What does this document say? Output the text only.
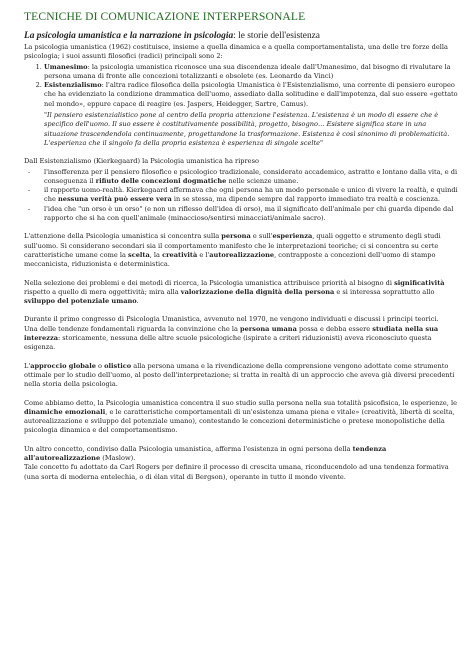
TECNICHE DI COMUNICAZIONE INTERPERSONALE
La psicologia umanistica e la narrazione in psicologia: le storie dell'esistenza

La psicologia umanistica (1962) costituisce, insieme a quella dinamica e a quella comportamentalista, una delle tre forze della psicologia; i suoi assunti filosofici (radici) principali sono 2:

1. Umanesimo: la psicologia umanistica riconosce una sua discendenza ideale dall'Umanesimo, dal bisogno di rivalutare la persona umana di fronte alle concezioni totalizzanti e obsolete (es. Leonardo da Vinci)
2. Esistenzialismo: l'altra radice filosofica della psicologia Umanistica è l'Esistenzialismo, una corrente di pensiero europeo che ha evidenziato la condizione drammatica dell'uomo, assediato dalla solitudine e dall'impotenza, dal suo essere «gettato nel mondo», eppure capace di reagire (es. Jaspers, Heidegger, Sartre, Camus).

"Il pensiero esistenzialistico pone al centro della propria attenzione l'esistenza. L'esistenza è un modo di essere che è specifico dell'uomo. Il suo essere è costitutivamente possibilità, progetto, bisogno… Esistere significa stare in una situazione trascendendola continuamente, progettandone la trasformazione. Esistenza è così sinonimo di problematicità. L'esperienza che il singolo fa della propria esistenza è esperienza di singole scelte"

Dall Esistenzialismo (Kierkegaard) la Psicologia umanistica ha ripreso

- l'insofferenza per il pensiero filosofico e psicologico tradizionale, considerato accademico, astratto e lontano dalla vita, e di conseguenza il rifiuto delle concezioni dogmatiche nelle scienze umane.
- il rapporto uomo-realtà. Kierkegaard affermava che ogni persona ha un modo personale e unico di vivere la realtà, e quindi che nessuna verità può essere vera in se stessa, ma dipende sempre dal rapporto immediato tra realtà e coscienza.
- l'idea che "un orso è un orso" (e non un riflesso dell'idea di orso), ma il significato dell'animale per chi guarda dipende dal rapporto che si ha con quell'animale (minaccioso/sentirsi minacciati/animale sacro).

L'attenzione della Psicologia umanistica si concentra sulla persona e sull'esperienza, quali oggetto e strumento degli studi sull'uomo. Si considerano secondari sia il comportamento manifesto che le interpretazioni teoriche; ci si concentra su certe caratteristiche umane come la scelta, la creatività e l'autorealizzazione, contrapposte a concezioni dell'uomo di stampo meccanicista, riduzionista e deterministica.

Nella selezione dei problemi e dei metodi di ricerca, la Psicologia umanistica attribuisce priorità al bisogno di significatività rispetto a quello di mera oggettività; mira alla valorizzazione della dignità della persona e si interessa soprattutto allo sviluppo del potenziale umano.

Durante il primo congresso di Psicologia Umanistica, avvenuto nel 1970, ne vengono individuati e discussi i principi teorici.

Una delle tendenze fondamentali riguarda la convinzione che la persona umana possa e debba essere studiata nella sua interezza: storicamente, nessuna delle altre scuole psicologiche (ispirate a criteri riduzionisti) aveva riconosciuto questa esigenza.

L'approccio globale o olistico alla persona umana e la rivendicazione della comprensione vengono adottate come strumento ottimale per lo studio dell'uomo, al posto dell'interpretazione; si tratta in realtà di un approccio che aveva già diversi precedenti nella storia della psicologia.

Come abbiamo detto, la Psicologia umanistica concentra il suo studio sulla persona nella sua totalità psicofisica, le esperienze, le dinamiche emozionali, e le caratteristiche comportamentali di un'esistenza umana piena e vitale» (creatività, libertà di scelta, autorealizzazione e sviluppo del potenziale umano), contestando le concezioni deterministiche o pretese monopolistiche della psicologia dinamica e del comportamentismo.

Un altro concetto, condiviso dalla Psicologia umanistica, afferma l'esistenza in ogni persona della tendenza all'autorealizzazione (Maslow).

Tale concetto fu adottato da Carl Rogers per definire il processo di crescita umana, riconducendolo ad una tendenza formativa (una sorta di moderna entelechia, o di élan vital di Bergson), operante in tutto il mondo vivente.
